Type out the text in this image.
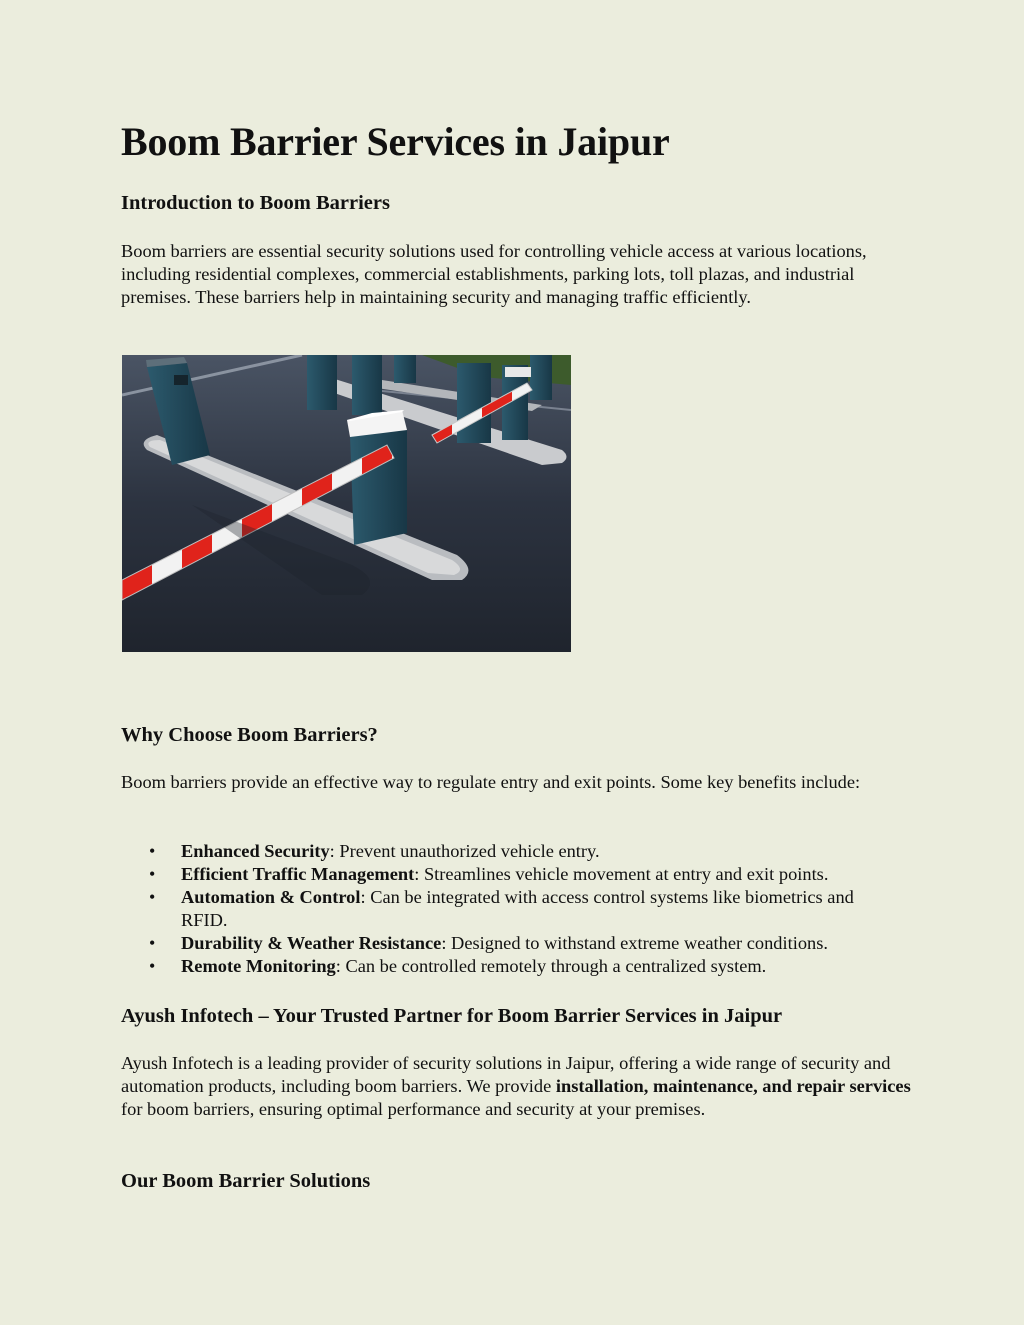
Boom Barrier Services in Jaipur
Introduction to Boom Barriers

Boom barriers are essential security solutions used for controlling vehicle access at various locations, including residential complexes, commercial establishments, parking lots, toll plazas, and industrial premises. These barriers help in maintaining security and managing traffic efficiently.

Why Choose Boom Barriers?

Boom barriers provide an effective way to regulate entry and exit points. Some key benefits include:

• Enhanced Security: Prevent unauthorized vehicle entry.
• Efficient Traffic Management: Streamlines vehicle movement at entry and exit points.
• Automation & Control: Can be integrated with access control systems like biometrics and RFID.
• Durability & Weather Resistance: Designed to withstand extreme weather conditions.
• Remote Monitoring: Can be controlled remotely through a centralized system.
Ayush Infotech – Your Trusted Partner for Boom Barrier Services in Jaipur

Ayush Infotech is a leading provider of security solutions in Jaipur, offering a wide range of security and automation products, including boom barriers. We provide installation, maintenance, and repair services for boom barriers, ensuring optimal performance and security at your premises.

Our Boom Barrier Solutions
